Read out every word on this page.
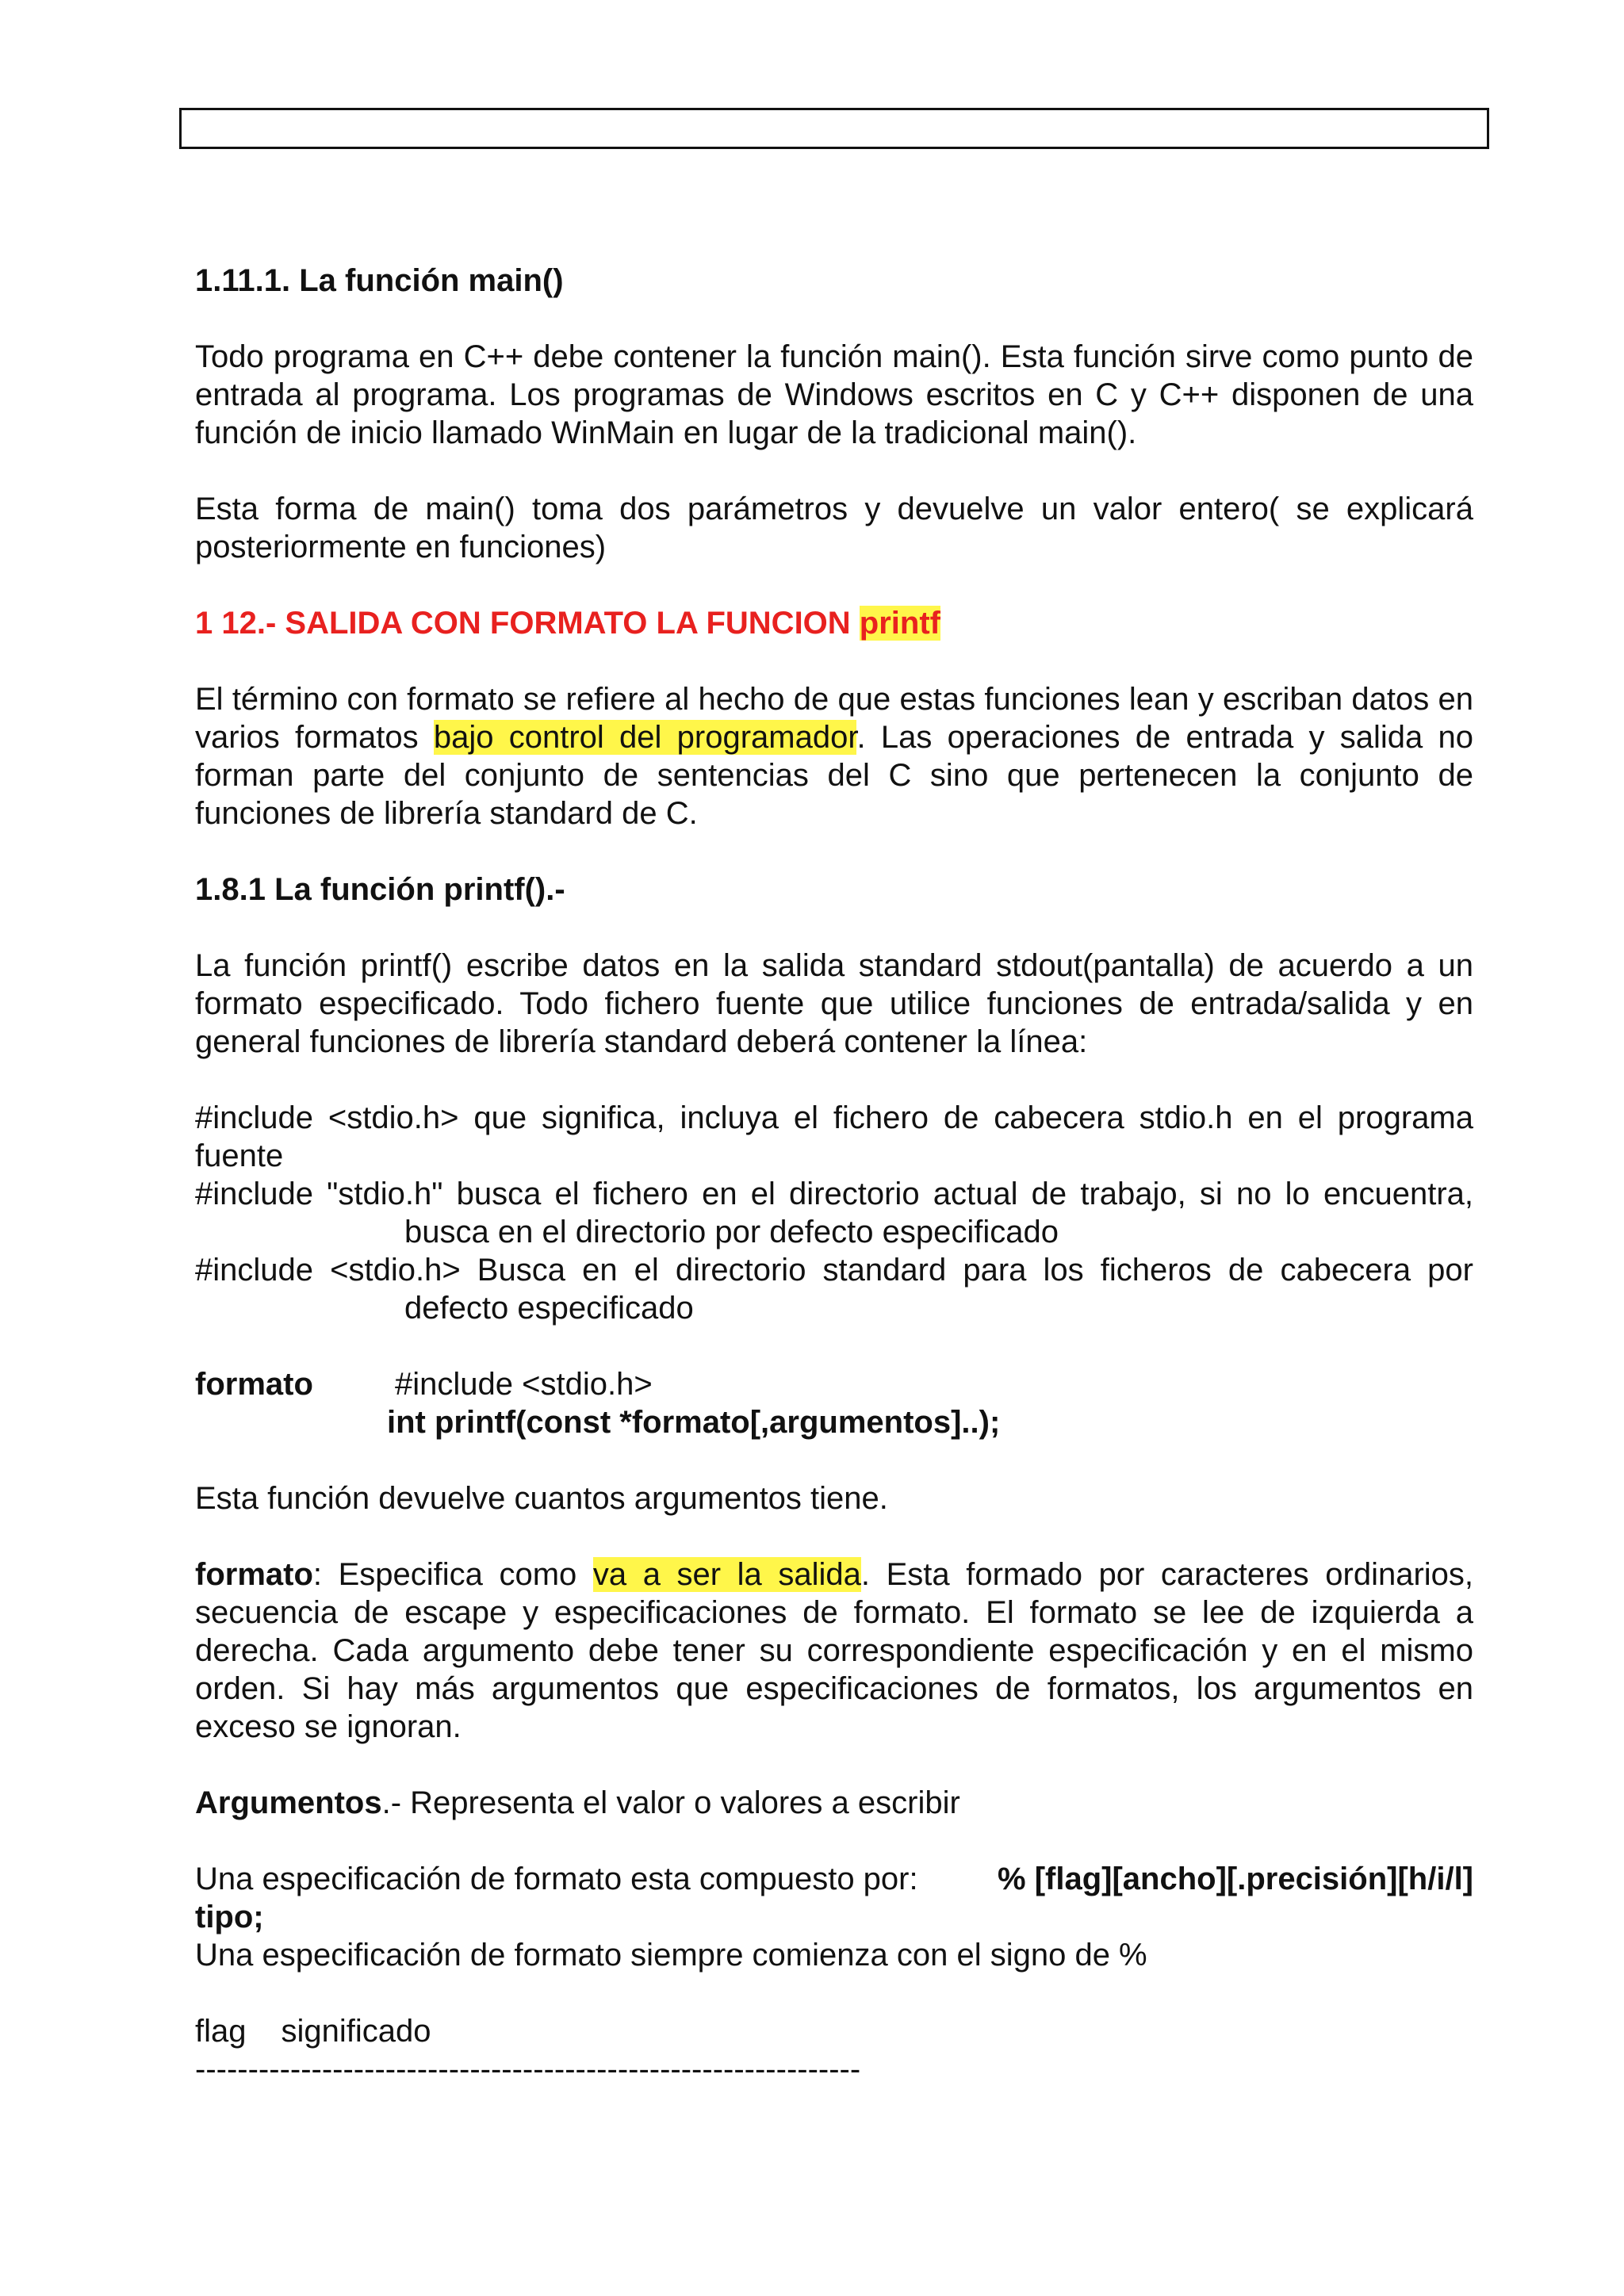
1.11.1. La función main()

Todo programa en C++ debe contener la función main(). Esta función sirve como punto de entrada al programa. Los programas de Windows escritos en C y C++ disponen de una función de inicio llamado WinMain en lugar de la tradicional main().

Esta forma de main() toma dos parámetros y devuelve un valor entero( se explicará posteriormente en funciones)

1 12.- SALIDA CON FORMATO LA FUNCION printf

El término con formato se refiere al hecho de que estas funciones lean y escriban datos en varios formatos bajo control del programador. Las operaciones de entrada y salida no forman parte del conjunto de sentencias del C sino que pertenecen la conjunto de funciones de librería standard de C.

1.8.1 La función printf().-

La función printf() escribe datos en la salida standard stdout(pantalla) de acuerdo a un formato especificado. Todo fichero fuente que utilice funciones de entrada/salida y en general funciones de librería standard deberá contener la línea:

#include <stdio.h> que significa, incluya el fichero de cabecera stdio.h en el programa fuente

#include "stdio.h" busca el fichero en el directorio actual de trabajo, si no lo encuentra,

busca en el directorio por defecto especificado

#include <stdio.h> Busca en el directorio standard para los ficheros de cabecera por

defecto especificado

formato	#include <stdio.h>

int printf(const *formato[,argumentos]..);

Esta función devuelve cuantos argumentos tiene.

formato: Especifica como va a ser la salida. Esta formado por caracteres ordinarios, secuencia de escape y especificaciones de formato. El formato se lee de izquierda a derecha. Cada argumento debe tener su correspondiente especificación y en el mismo orden. Si hay más argumentos que especificaciones de formatos, los argumentos en exceso se ignoran.

Argumentos.- Representa el valor o valores a escribir

Una especificación de formato esta compuesto por:	% [flag][ancho][.precisión][h/i/l]

tipo;

Una especificación de formato siempre comienza con el signo de %

flag significado

---------------------------------------------------------------
